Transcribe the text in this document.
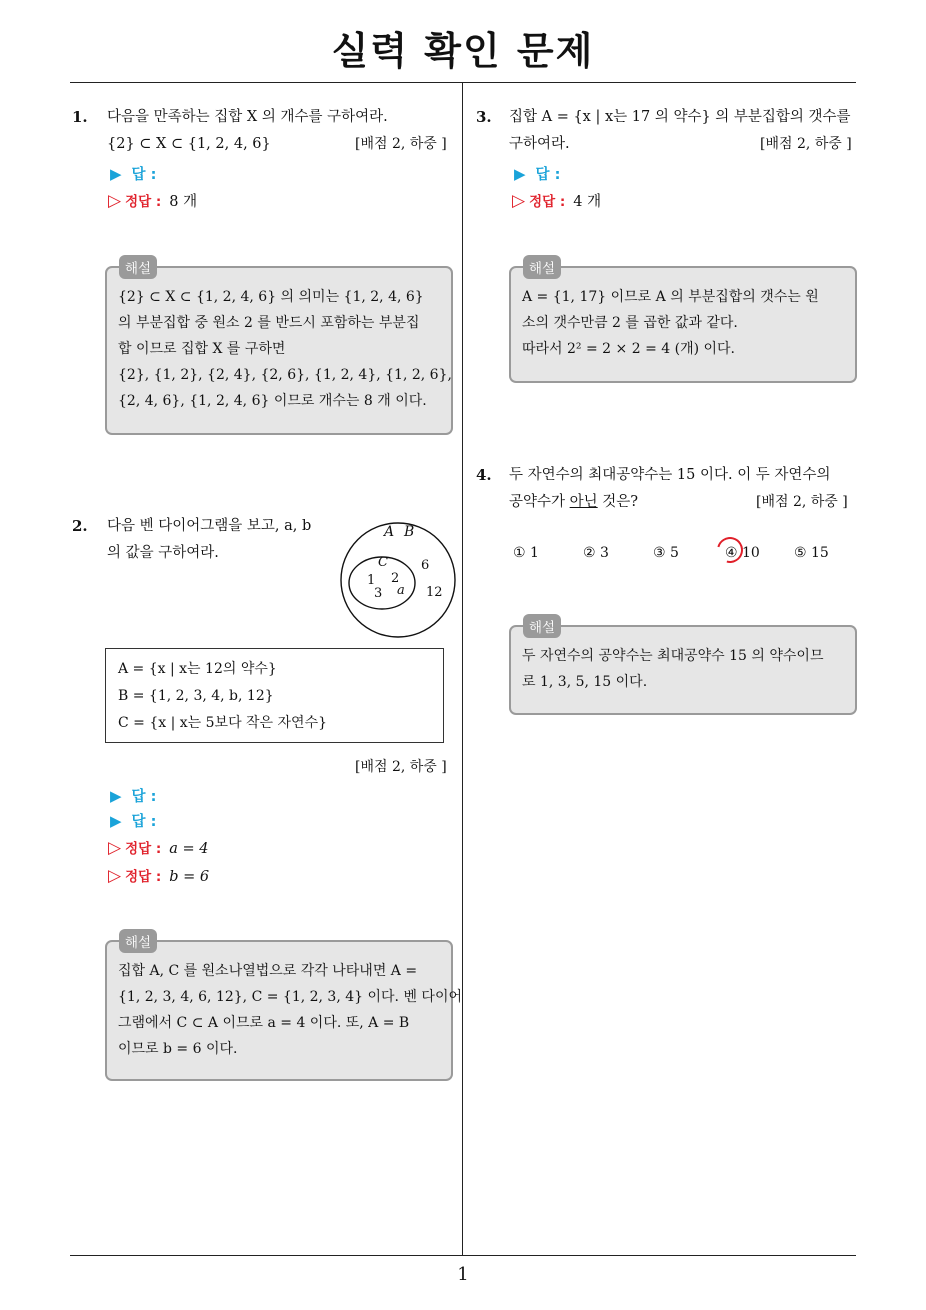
실력 확인 문제
1
1. 다음을 만족하는 집합 X 의 개수를 구하여라.
{2} ⊂ X ⊂ {1, 2, 4, 6}	[배점 2, 하중 ]
▶ 답 :
▷ 정답 : 8 개
해설
{2} ⊂ X ⊂ {1, 2, 4, 6} 의 의미는 {1, 2, 4, 6}
의 부분집합 중 원소 2 를 반드시 포함하는 부분집
합 이므로 집합 X 를 구하면
{2}, {1, 2}, {2, 4}, {2, 6}, {1, 2, 4}, {1, 2, 6},
{2, 4, 6}, {1, 2, 4, 6} 이므로 개수는 8 개 이다.
2. 다음 벤 다이어그램을 보고, a, b
의 값을 구하여라.
A B
C
1 2
3 a
6
12
A = {x | x는 12의 약수}
B = {1, 2, 3, 4, b, 12}
C = {x | x는 5보다 작은 자연수}
[배점 2, 하중 ]
▶ 답 :
▶ 답 :
▷ 정답 : a = 4
▷ 정답 : b = 6
해설
집합 A, C 를 원소나열법으로 각각 나타내면 A =
{1, 2, 3, 4, 6, 12}, C = {1, 2, 3, 4} 이다. 벤 다이어
그램에서 C ⊂ A 이므로 a = 4 이다. 또, A = B
이므로 b = 6 이다.
3. 집합 A = {x | x는 17 의 약수} 의 부분집합의 갯수를
구하여라.	[배점 2, 하중 ]
▶ 답 :
▷ 정답 : 4 개
해설
A = {1, 17} 이므로 A 의 부분집합의 갯수는 원
소의 갯수만큼 2 를 곱한 값과 같다.
따라서 2² = 2 × 2 = 4 (개) 이다.
4. 두 자연수의 최대공약수는 15 이다. 이 두 자연수의
공약수가 아닌 것은?	[배점 2, 하중 ]
① 1	② 3	③ 5	④ 10 ⑤ 15
해설
두 자연수의 공약수는 최대공약수 15 의 약수이므
로 1, 3, 5, 15 이다.
